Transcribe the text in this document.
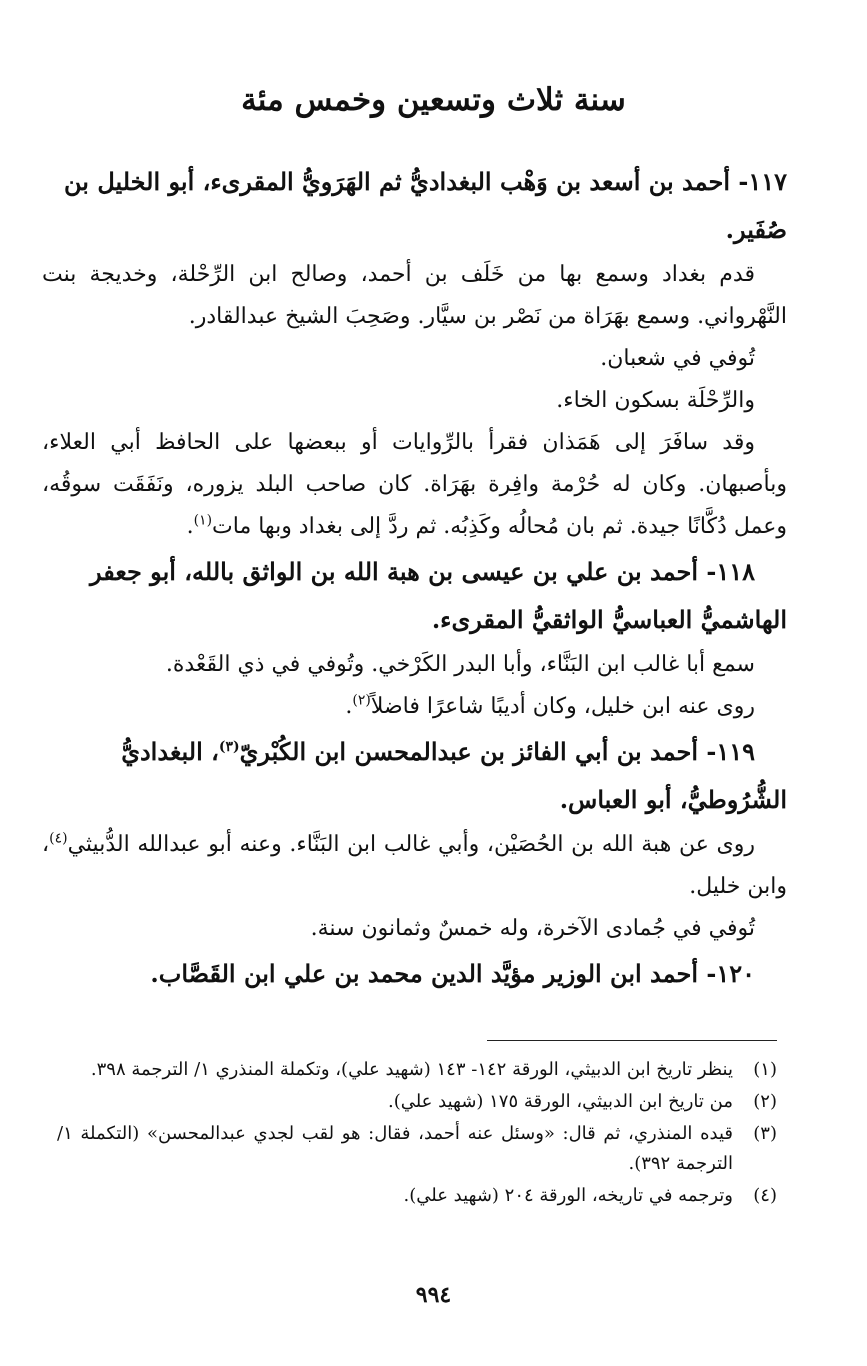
سنة ثلاث وتسعين وخمس مئة

١١٧- أحمد بن أسعد بن وَهْب البغداديُّ ثم الهَرَويُّ المقرىء، أبو الخليل بن صُفَير.

قدم بغداد وسمع بها من خَلَف بن أحمد، وصالح ابن الرِّحْلة، وخديجة بنت النَّهْرواني. وسمع بهَرَاة من نَصْر بن سيَّار. وصَحِبَ الشيخ عبدالقادر.

تُوفي في شعبان.

والرِّحْلَة بسكون الخاء.

وقد سافَرَ إلى هَمَذان فقرأ بالرِّوايات أو ببعضها على الحافظ أبي العلاء، وبأصبهان. وكان له حُرْمة وافِرة بهَرَاة. كان صاحب البلد يزوره، ونَفَقَت سوقُه، وعمل دُكَّانًا جيدة. ثم بان مُحالُه وكَذِبُه. ثم ردَّ إلى بغداد وبها مات$^{(١)}$.

١١٨- أحمد بن علي بن عيسى بن هبة الله بن الواثق بالله، أبو جعفر الهاشميُّ العباسيُّ الواثقيُّ المقرىء.

سمع أبا غالب ابن البَنَّاء، وأبا البدر الكَرْخي. وتُوفي في ذي القَعْدة.

روى عنه ابن خليل، وكان أديبًا شاعرًا فاضلاً$^{(٢)}$.

١١٩- أحمد بن أبي الفائز بن عبدالمحسن ابن الكُبْريّ$^{(٣)}$، البغداديُّ الشُّرُوطيُّ، أبو العباس.

روى عن هبة الله بن الحُصَيْن، وأبي غالب ابن البَنَّاء. وعنه أبو عبدالله الدُّبيثي$^{(٤)}$، وابن خليل.

تُوفي في جُمادى الآخرة، وله خمسٌ وثمانون سنة.

١٢٠- أحمد ابن الوزير مؤيَّد الدين محمد بن علي ابن القَصَّاب.

(١)
ينظر تاريخ ابن الدبيثي، الورقة ١٤٢- ١٤٣ (شهيد علي)، وتكملة المنذري ١/ الترجمة ٣٩٨.
(٢)
من تاريخ ابن الدبيثي، الورقة ١٧٥ (شهيد علي).
(٣)
قيده المنذري، ثم قال: «وسئل عنه أحمد، فقال: هو لقب لجدي عبدالمحسن» (التكملة ١/ الترجمة ٣٩٢).
(٤)
وترجمه في تاريخه، الورقة ٢٠٤ (شهيد علي).
٩٩٤
